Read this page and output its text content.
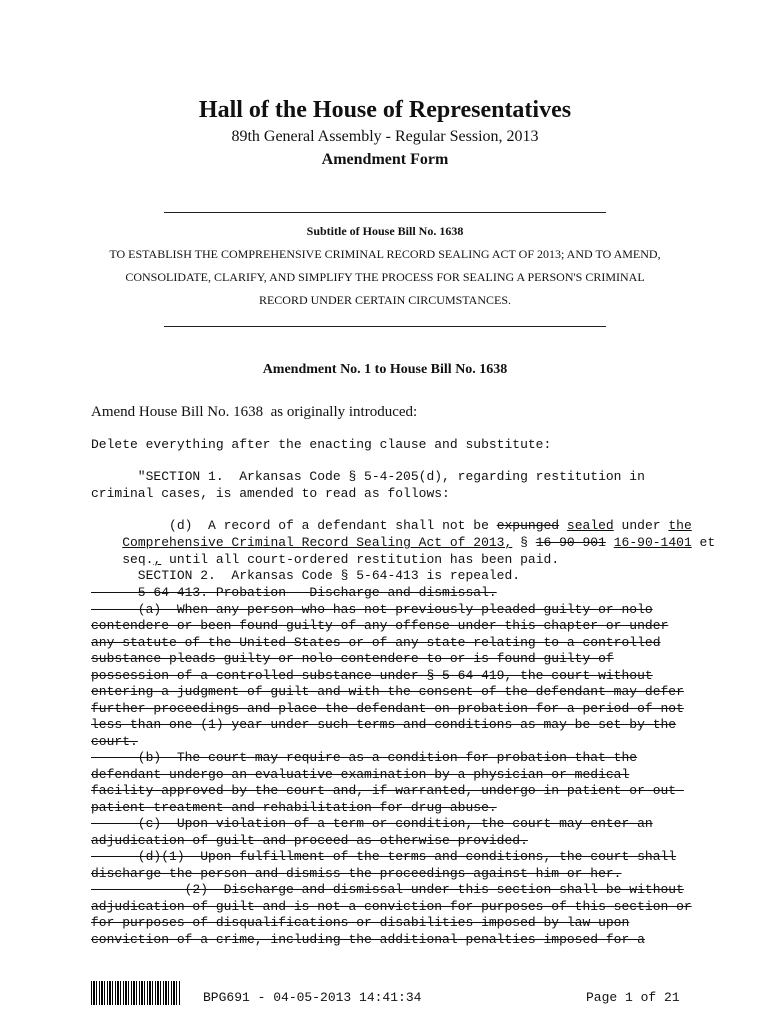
Hall of the House of Representatives
89th General Assembly - Regular Session, 2013
Amendment Form
Subtitle of House Bill No. 1638
TO ESTABLISH THE COMPREHENSIVE CRIMINAL RECORD SEALING ACT OF 2013; AND TO AMEND,
CONSOLIDATE, CLARIFY, AND SIMPLIFY THE PROCESS FOR SEALING A PERSON'S CRIMINAL
RECORD UNDER CERTAIN CIRCUMSTANCES.
Amendment No. 1 to House Bill No. 1638
Amend House Bill No. 1638  as originally introduced:
Delete everything after the enacting clause and substitute:
"SECTION 1.  Arkansas Code § 5-4-205(d), regarding restitution in
criminal cases, is amended to read as follows:

(d)  A record of a defendant shall not be expunged sealed under the

Comprehensive Criminal Record Sealing Act of 2013, § 16-90-901 16-90-1401 et

seq., until all court-ordered restitution has been paid.

SECTION 2.  Arkansas Code § 5-64-413 is repealed.
5-64-413. Probation - Discharge and dismissal.
(a)  When any person who has not previously pleaded guilty or nolo
contendere or been found guilty of any offense under this chapter or under
any statute of the United States or of any state relating to a controlled
substance pleads guilty or nolo contendere to or is found guilty of
possession of a controlled substance under § 5-64-419, the court without
entering a judgment of guilt and with the consent of the defendant may defer
further proceedings and place the defendant on probation for a period of not
less than one (1) year under such terms and conditions as may be set by the
court.
(b)  The court may require as a condition for probation that the
defendant undergo an evaluative examination by a physician or medical
facility approved by the court and, if warranted, undergo in-patient or out-
patient treatment and rehabilitation for drug abuse.
(c)  Upon violation of a term or condition, the court may enter an
adjudication of guilt and proceed as otherwise provided.
(d)(1)  Upon fulfillment of the terms and conditions, the court shall
discharge the person and dismiss the proceedings against him or her.
(2)  Discharge and dismissal under this section shall be without
adjudication of guilt and is not a conviction for purposes of this section or
for purposes of disqualifications or disabilities imposed by law upon
conviction of a crime, including the additional penalties imposed for a
BPG691 - 04-05-2013 14:41:34	Page 1 of 21
